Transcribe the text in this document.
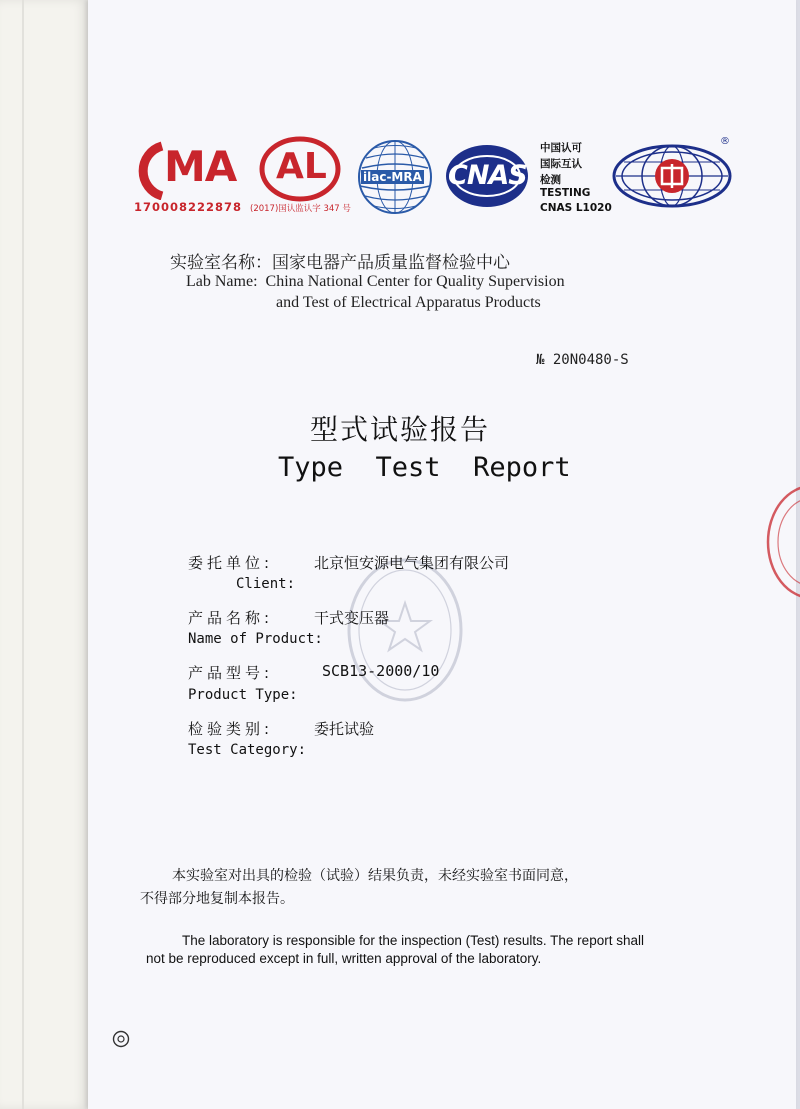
MA
170008222878
AL
(2017)国认监认字 347 号
ilac-MRA CNAS
中国认可
国际互认
检测
TESTING
CNAS L1020
®
实验室名称：国家电器产品质量监督检验中心
Lab Name: China National Center for Quality Supervision
and Test of Electrical Apparatus Products
№ 20N0480-S
型式试验报告
Type  Test  Report
委托单位:	北京恒安源电气集团有限公司
Client:
产品名称:	干式变压器
Name of Product:
产品型号:	SCB13-2000/10
Product Type:
检验类别:	委托试验
Test Category:
本实验室对出具的检验（试验）结果负责，未经实验室书面同意，
不得部分地复制本报告。
The laboratory is responsible for the inspection (Test) results. The report shall
not be reproduced except in full, written approval of the laboratory.
